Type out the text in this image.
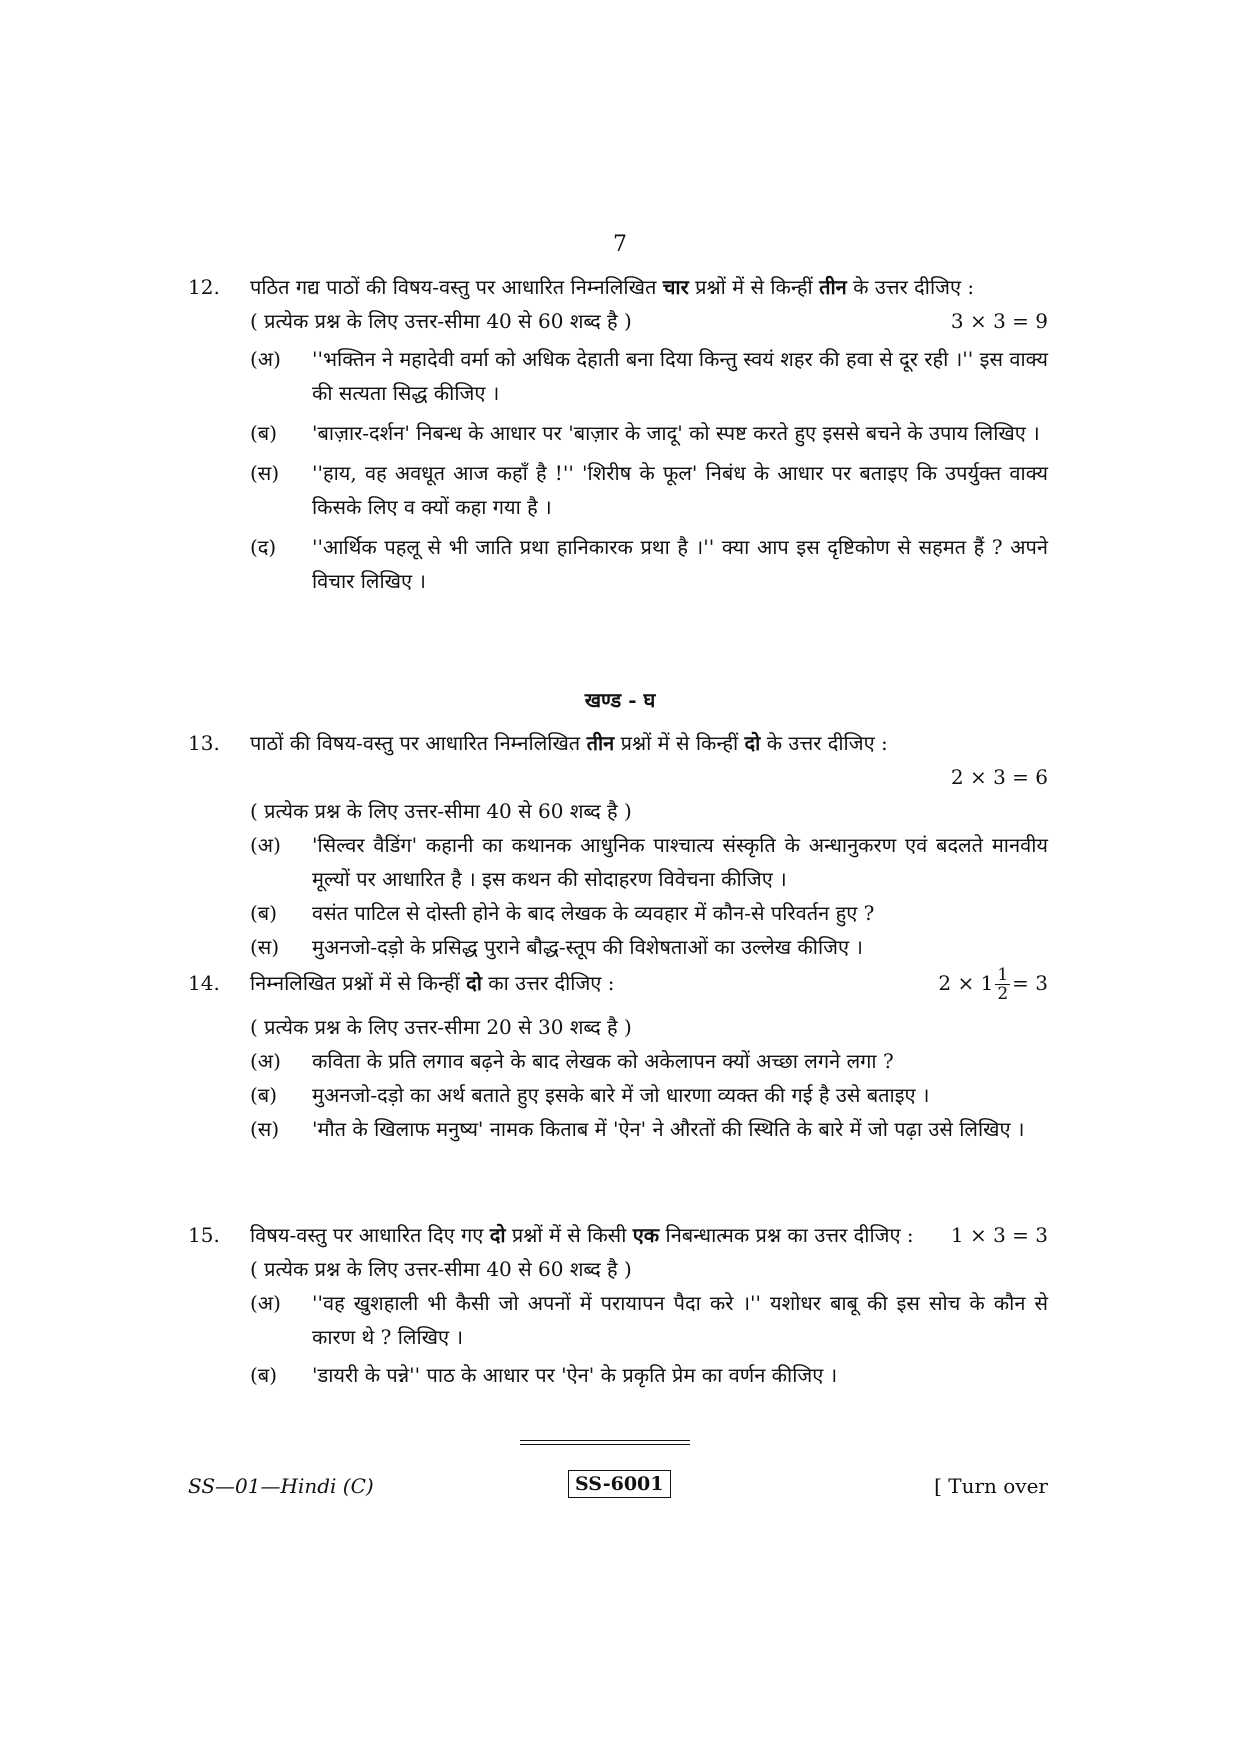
7
12. पठित गद्य पाठों की विषय-वस्तु पर आधारित निम्नलिखित चार प्रश्नों में से किन्हीं तीन के उत्तर दीजिए :
3 × 3 = 9
( प्रत्येक प्रश्न के लिए उत्तर-सीमा 40 से 60 शब्द है )
(अ) ''भक्तिन ने महादेवी वर्मा को अधिक देहाती बना दिया किन्तु स्वयं शहर की हवा से दूर रही ।'' इस वाक्य की सत्यता सिद्ध कीजिए ।
(ब) 'बाज़ार-दर्शन' निबन्ध के आधार पर 'बाज़ार के जादू' को स्पष्ट करते हुए इससे बचने के उपाय लिखिए ।
(स) ''हाय, वह अवधूत आज कहाँ है !'' 'शिरीष के फूल' निबंध के आधार पर बताइए कि उपर्युक्त वाक्य किसके लिए व क्यों कहा गया है ।
(द) ''आर्थिक पहलू से भी जाति प्रथा हानिकारक प्रथा है ।'' क्या आप इस दृष्टिकोण से सहमत हैं ? अपने विचार लिखिए ।
खण्ड - घ
13. पाठों की विषय-वस्तु पर आधारित निम्नलिखित तीन प्रश्नों में से किन्हीं दो के उत्तर दीजिए :
2 × 3 = 6
( प्रत्येक प्रश्न के लिए उत्तर-सीमा 40 से 60 शब्द है )
(अ) 'सिल्वर वैडिंग' कहानी का कथानक आधुनिक पाश्चात्य संस्कृति के अन्धानुकरण एवं बदलते मानवीय मूल्यों पर आधारित है । इस कथन की सोदाहरण विवेचना कीजिए ।
(ब) वसंत पाटिल से दोस्ती होने के बाद लेखक के व्यवहार में कौन-से परिवर्तन हुए ?
(स) मुअनजो-दड़ो के प्रसिद्ध पुराने बौद्ध-स्तूप की विशेषताओं का उल्लेख कीजिए ।
14. निम्नलिखित प्रश्नों में से किन्हीं दो का उत्तर दीजिए :	$2 \times 1 \frac{1}{2} = 3$
( प्रत्येक प्रश्न के लिए उत्तर-सीमा 20 से 30 शब्द है )
(अ) कविता के प्रति लगाव बढ़ने के बाद लेखक को अकेलापन क्यों अच्छा लगने लगा ?
(ब) मुअनजो-दड़ो का अर्थ बताते हुए इसके बारे में जो धारणा व्यक्त की गई है उसे बताइए ।
(स) 'मौत के खिलाफ मनुष्य' नामक किताब में 'ऐन' ने औरतों की स्थिति के बारे में जो पढ़ा उसे लिखिए ।
15. विषय-वस्तु पर आधारित दिए गए दो प्रश्नों में से किसी एक निबन्धात्मक प्रश्न का उत्तर दीजिए : 1 × 3 = 3
( प्रत्येक प्रश्न के लिए उत्तर-सीमा 40 से 60 शब्द है )
(अ) ''वह खुशहाली भी कैसी जो अपनों में परायापन पैदा करे ।'' यशोधर बाबू की इस सोच के कौन से कारण थे ? लिखिए ।
(ब) 'डायरी के पन्ने'' पाठ के आधार पर 'ऐन' के प्रकृति प्रेम का वर्णन कीजिए ।
SS—01—Hindi (C)	SS-6001	[ Turn over
